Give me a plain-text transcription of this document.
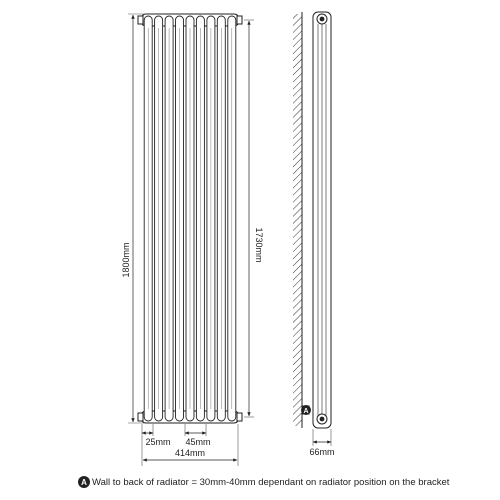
1800mm	1730mm
25mm 45mm
414mm
A
66mm
A Wall to back of radiator = 30mm-40mm dependant on radiator position on the bracket
